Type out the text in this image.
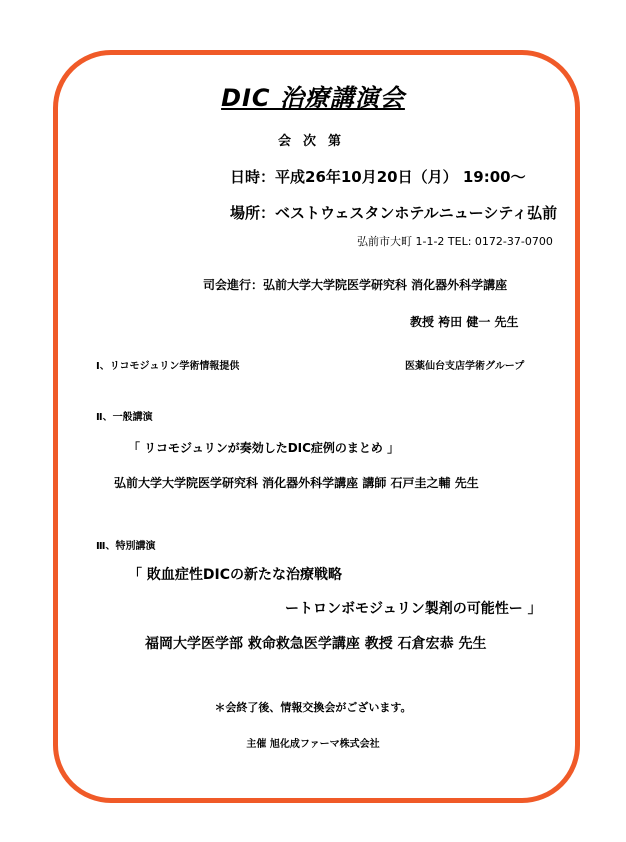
DIC 治療講演会
会次第
日時：平成26年10月20日（月） 19:00～
場所：ベストウェスタンホテルニューシティ弘前
弘前市大町 1-1-2 TEL: 0172-37-0700
司会進行：弘前大学大学院医学研究科 消化器外科学講座
教授 袴田 健一 先生
Ⅰ、リコモジュリン学術情報提供	医薬仙台支店学術グループ
Ⅱ、一般講演
「 リコモジュリンが奏効したDIC症例のまとめ 」
弘前大学大学院医学研究科 消化器外科学講座 講師 石戸圭之輔 先生
Ⅲ、特別講演
「 敗血症性DICの新たな治療戦略
ートロンボモジュリン製剤の可能性ー 」
福岡大学医学部 救命救急医学講座 教授 石倉宏恭 先生
＊会終了後、情報交換会がございます。
主催 旭化成ファーマ株式会社
